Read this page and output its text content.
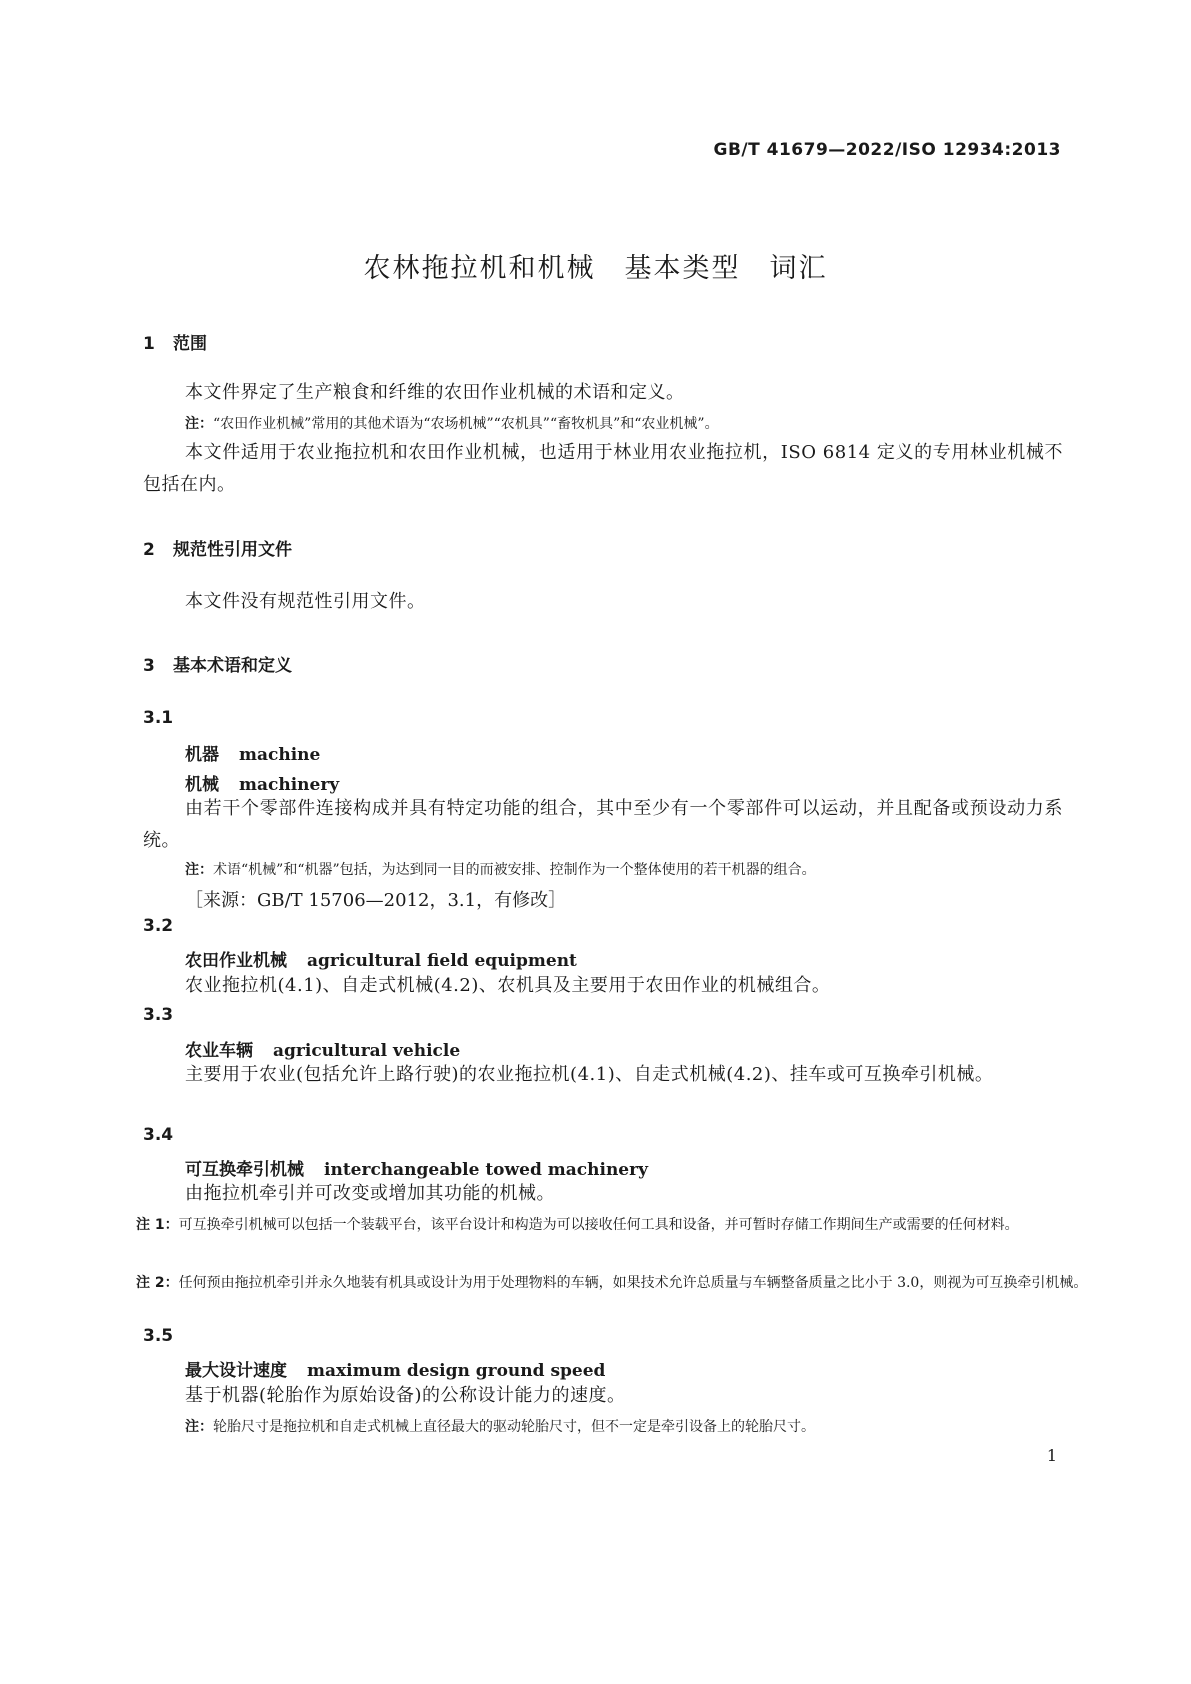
GB/T 41679—2022/ISO 12934:2013
农林拖拉机和机械　基本类型　词汇
1 范围
本文件界定了生产粮食和纤维的农田作业机械的术语和定义。
注：“农田作业机械”常用的其他术语为“农场机械”“农机具”“畜牧机具”和“农业机械”。
本文件适用于农业拖拉机和农田作业机械，也适用于林业用农业拖拉机，ISO 6814 定义的专用林业机械不包括在内。
2 规范性引用文件
本文件没有规范性引用文件。
3 基本术语和定义
3.1
机器 machine
机械 machinery
由若干个零部件连接构成并具有特定功能的组合，其中至少有一个零部件可以运动，并且配备或预设动力系统。
注：术语“机械”和“机器”包括，为达到同一目的而被安排、控制作为一个整体使用的若干机器的组合。
［来源：GB/T 15706—2012，3.1，有修改］
3.2
农田作业机械 agricultural field equipment
农业拖拉机(4.1)、自走式机械(4.2)、农机具及主要用于农田作业的机械组合。
3.3
农业车辆 agricultural vehicle
主要用于农业(包括允许上路行驶)的农业拖拉机(4.1)、自走式机械(4.2)、挂车或可互换牵引机械。
3.4
可互换牵引机械 interchangeable towed machinery
由拖拉机牵引并可改变或增加其功能的机械。
注 1：可互换牵引机械可以包括一个装载平台，该平台设计和构造为可以接收任何工具和设备，并可暂时存储工作期间生产或需要的任何材料。
注 2：任何预由拖拉机牵引并永久地装有机具或设计为用于处理物料的车辆，如果技术允许总质量与车辆整备质量之比小于 3.0，则视为可互换牵引机械。
3.5
最大设计速度 maximum design ground speed
基于机器(轮胎作为原始设备)的公称设计能力的速度。
注：轮胎尺寸是拖拉机和自走式机械上直径最大的驱动轮胎尺寸，但不一定是牵引设备上的轮胎尺寸。
1
